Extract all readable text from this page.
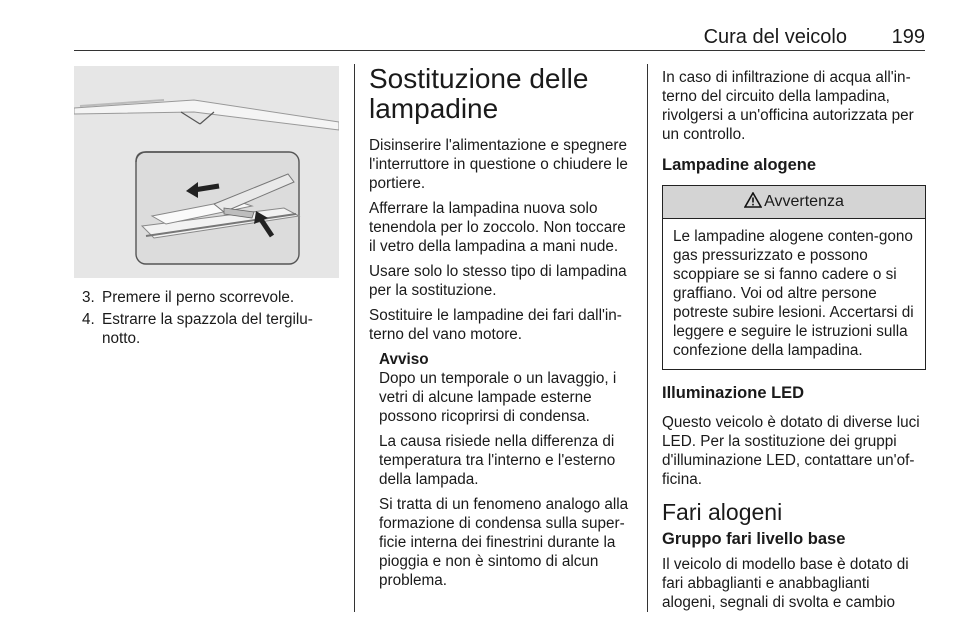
Cura del veicolo 199
3. Premere il perno scorrevole.
4. Estrarre la spazzola del tergilu-notto.
Sostituzione delle lampadine

Disinserire l'alimentazione e spegnere l'interruttore in questione o chiudere le portiere.

Afferrare la lampadina nuova solo tenendola per lo zoccolo. Non toccare il vetro della lampadina a mani nude.

Usare solo lo stesso tipo di lampadina per la sostituzione.

Sostituire le lampadine dei fari dall'in-terno del vano motore.

Avviso

Dopo un temporale o un lavaggio, i vetri di alcune lampade esterne possono ricoprirsi di condensa.

La causa risiede nella differenza di temperatura tra l'interno e l'esterno della lampada.

Si tratta di un fenomeno analogo alla formazione di condensa sulla super-ficie interna dei finestrini durante la pioggia e non è sintomo di alcun problema.

In caso di infiltrazione di acqua all'in-terno del circuito della lampadina, rivolgersi a un'officina autorizzata per un controllo.

Lampadine alogene
Avvertenza
Le lampadine alogene conten-gono gas pressurizzato e possono scoppiare se si fanno cadere o si graffiano. Voi od altre persone potreste subire lesioni. Accertarsi di leggere e seguire le istruzioni sulla confezione della lampadina.
Illuminazione LED

Questo veicolo è dotato di diverse luci LED. Per la sostituzione dei gruppi d'illuminazione LED, contattare un'of-ficina.

Fari alogeni
Gruppo fari livello base

Il veicolo di modello base è dotato di fari abbaglianti e anabbaglianti alogeni, segnali di svolta e cambio
